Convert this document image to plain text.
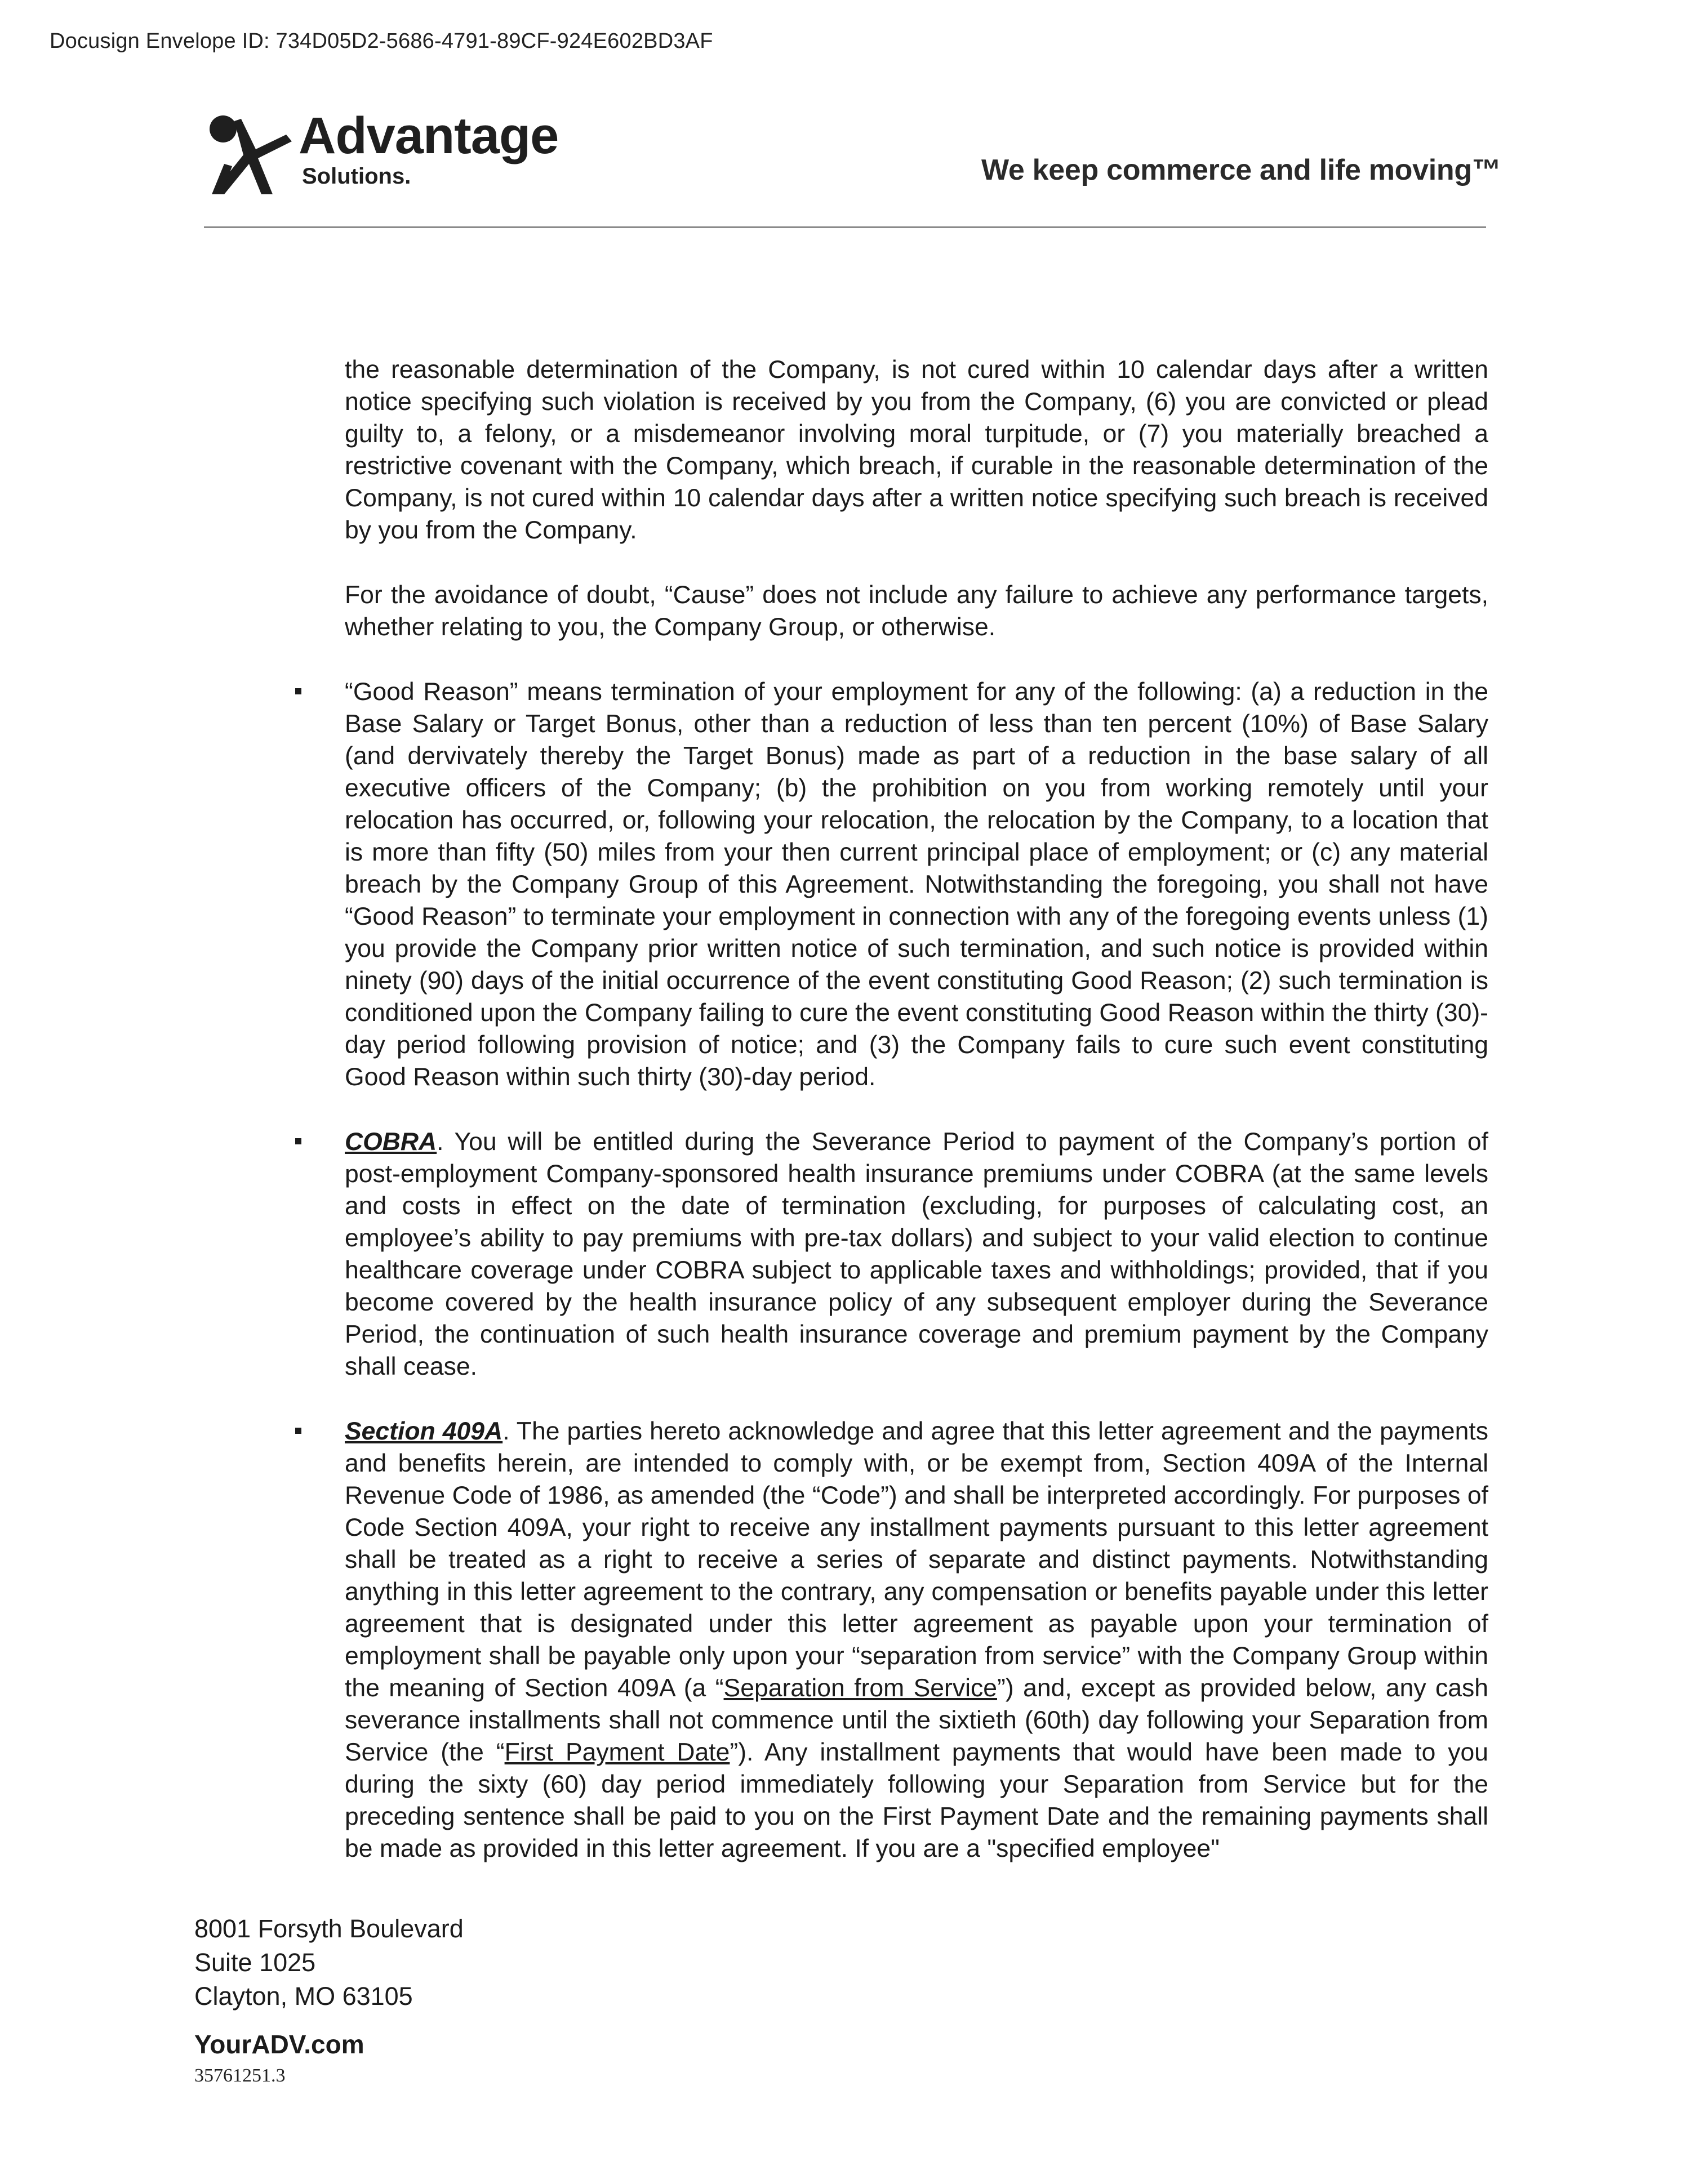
Docusign Envelope ID: 734D05D2-5686-4791-89CF-924E602BD3AF
Advantage
Solutions.	We keep commerce and life moving™

the reasonable determination of the Company, is not cured within 10 calendar days after a written notice specifying such violation is received by you from the Company, (6) you are convicted or plead guilty to, a felony, or a misdemeanor involving moral turpitude, or (7) you materially breached a restrictive covenant with the Company, which breach, if curable in the reasonable determination of the Company, is not cured within 10 calendar days after a written notice specifying such breach is received by you from the Company.

For the avoidance of doubt, “Cause” does not include any failure to achieve any performance targets, whether relating to you, the Company Group, or otherwise.

“Good Reason” means termination of your employment for any of the following: (a) a reduction in the Base Salary or Target Bonus, other than a reduction of less than ten percent (10%) of Base Salary (and dervivately thereby the Target Bonus) made as part of a reduction in the base salary of all executive officers of the Company; (b) the prohibition on you from working remotely until your relocation has occurred, or, following your relocation, the relocation by the Company, to a location that is more than fifty (50) miles from your then current principal place of employment; or (c) any material breach by the Company Group of this Agreement. Notwithstanding the foregoing, you shall not have “Good Reason” to terminate your employment in connection with any of the foregoing events unless (1) you provide the Company prior written notice of such termination, and such notice is provided within ninety (90) days of the initial occurrence of the event constituting Good Reason; (2) such termination is conditioned upon the Company failing to cure the event constituting Good Reason within the thirty (30)-day period following provision of notice; and (3) the Company fails to cure such event constituting Good Reason within such thirty (30)-day period.
COBRA. You will be entitled during the Severance Period to payment of the Company’s portion of post-employment Company-sponsored health insurance premiums under COBRA (at the same levels and costs in effect on the date of termination (excluding, for purposes of calculating cost, an employee’s ability to pay premiums with pre-tax dollars) and subject to your valid election to continue healthcare coverage under COBRA subject to applicable taxes and withholdings; provided, that if you become covered by the health insurance policy of any subsequent employer during the Severance Period, the continuation of such health insurance coverage and premium payment by the Company shall cease.
Section 409A. The parties hereto acknowledge and agree that this letter agreement and the payments and benefits herein, are intended to comply with, or be exempt from, Section 409A of the Internal Revenue Code of 1986, as amended (the “Code”) and shall be interpreted accordingly. For purposes of Code Section 409A, your right to receive any installment payments pursuant to this letter agreement shall be treated as a right to receive a series of separate and distinct payments. Notwithstanding anything in this letter agreement to the contrary, any compensation or benefits payable under this letter agreement that is designated under this letter agreement as payable upon your termination of employment shall be payable only upon your “separation from service” with the Company Group within the meaning of Section 409A (a “Separation from Service”) and, except as provided below, any cash severance installments shall not commence until the sixtieth (60th) day following your Separation from Service (the “First Payment Date”). Any installment payments that would have been made to you during the sixty (60) day period immediately following your Separation from Service but for the preceding sentence shall be paid to you on the First Payment Date and the remaining payments shall be made as provided in this letter agreement. If you are a "specified employee"
8001 Forsyth Boulevard
Suite 1025
Clayton, MO 63105
YourADV.com
35761251.3
